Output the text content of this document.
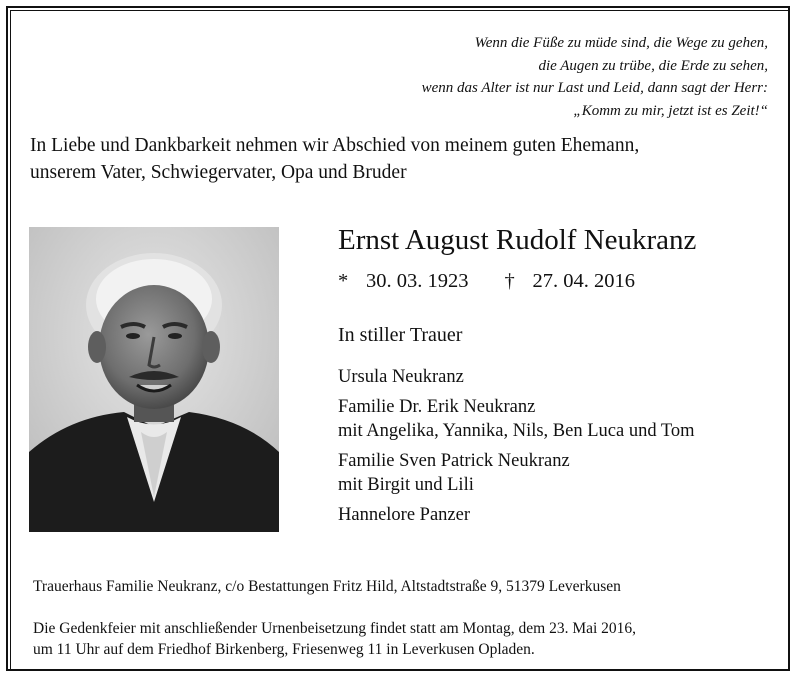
Wenn die Füße zu müde sind, die Wege zu gehen,
die Augen zu trübe, die Erde zu sehen,
wenn das Alter ist nur Last und Leid, dann sagt der Herr:
„Komm zu mir, jetzt ist es Zeit!“
In Liebe und Dankbarkeit nehmen wir Abschied von meinem guten Ehemann,
unserem Vater, Schwiegervater, Opa und Bruder
Ernst August Rudolf Neukranz
* 30. 03. 1923 † 27. 04. 2016
In stiller Trauer
Ursula Neukranz
Familie Dr. Erik Neukranz
mit Angelika, Yannika, Nils, Ben Luca und Tom
Familie Sven Patrick Neukranz
mit Birgit und Lili
Hannelore Panzer
Trauerhaus Familie Neukranz, c/o Bestattungen Fritz Hild, Altstadtstraße 9, 51379 Leverkusen
Die Gedenkfeier mit anschließender Urnenbeisetzung findet statt am Montag, dem 23. Mai 2016,
um 11 Uhr auf dem Friedhof Birkenberg, Friesenweg 11 in Leverkusen Opladen.
